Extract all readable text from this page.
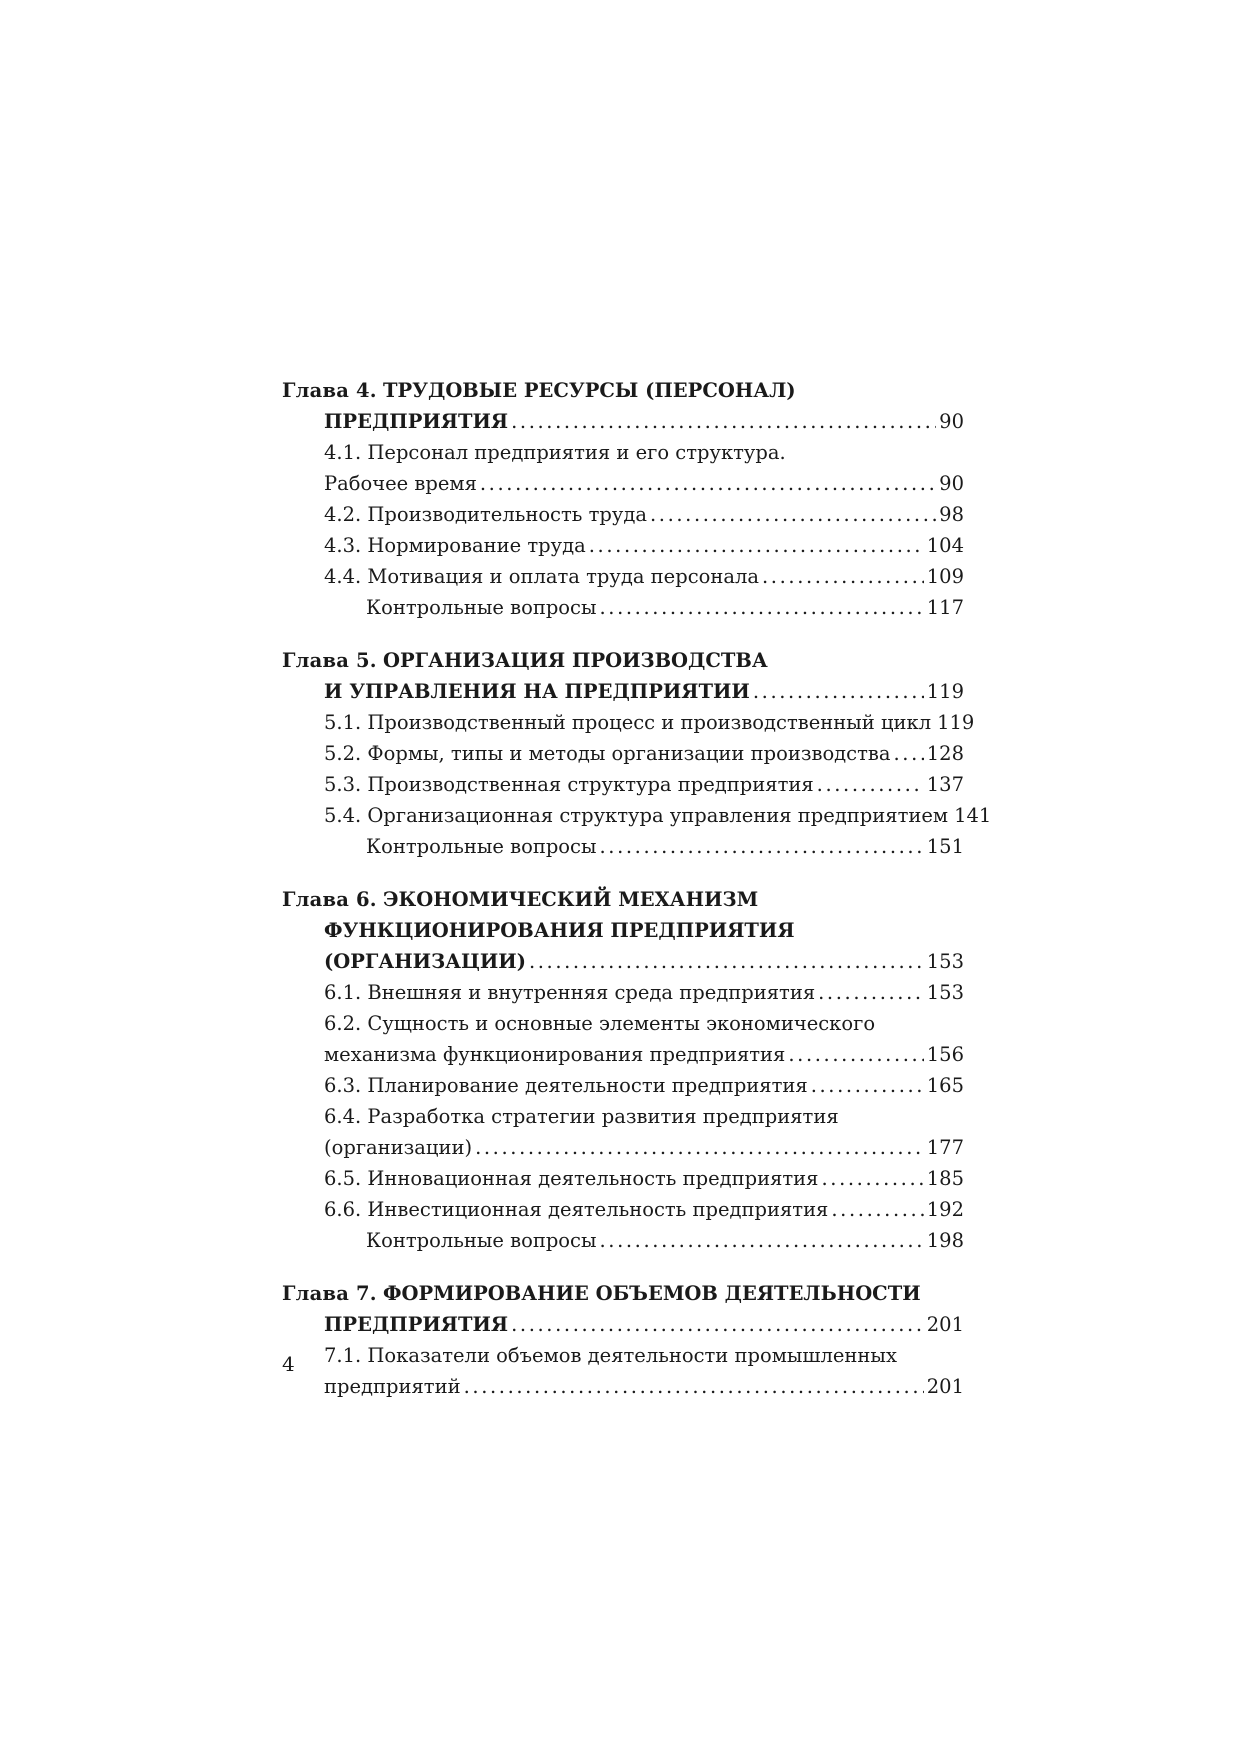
Глава 4. ТРУДОВЫЕ РЕСУРСЫ (ПЕРСОНАЛ)
ПРЕДПРИЯТИЯ .....	90
4.1. Персонал предприятия и его структура.
Рабочее время .....	90
4.2. Производительность труда .....	98
4.3. Нормирование труда .....	104
4.4. Мотивация и оплата труда персонала .....	109
Контрольные вопросы .....	117
Глава 5. ОРГАНИЗАЦИЯ ПРОИЗВОДСТВА
И УПРАВЛЕНИЯ НА ПРЕДПРИЯТИИ .....	119
5.1. Производственный процесс и производственный цикл 119
5.2. Формы, типы и методы организации производства ..... 128
5.3. Производственная структура предприятия .....	137
5.4. Организационная структура управления предприятием 141
Контрольные вопросы .....	151
Глава 6. ЭКОНОМИЧЕСКИЙ МЕХАНИЗМ
ФУНКЦИОНИРОВАНИЯ ПРЕДПРИЯТИЯ
(ОРГАНИЗАЦИИ) .....	153
6.1. Внешняя и внутренняя среда предприятия .....	153
6.2. Сущность и основные элементы экономического
механизма функционирования предприятия .....	156
6.3. Планирование деятельности предприятия .....	165
6.4. Разработка стратегии развития предприятия
(организации) .....	177
6.5. Инновационная деятельность предприятия .....	185
6.6. Инвестиционная деятельность предприятия .....	192
Контрольные вопросы .....	198
Глава 7. ФОРМИРОВАНИЕ ОБЪЕМОВ ДЕЯТЕЛЬНОСТИ
ПРЕДПРИЯТИЯ .....	201
7.1. Показатели объемов деятельности промышленных
предприятий .....	201
4
